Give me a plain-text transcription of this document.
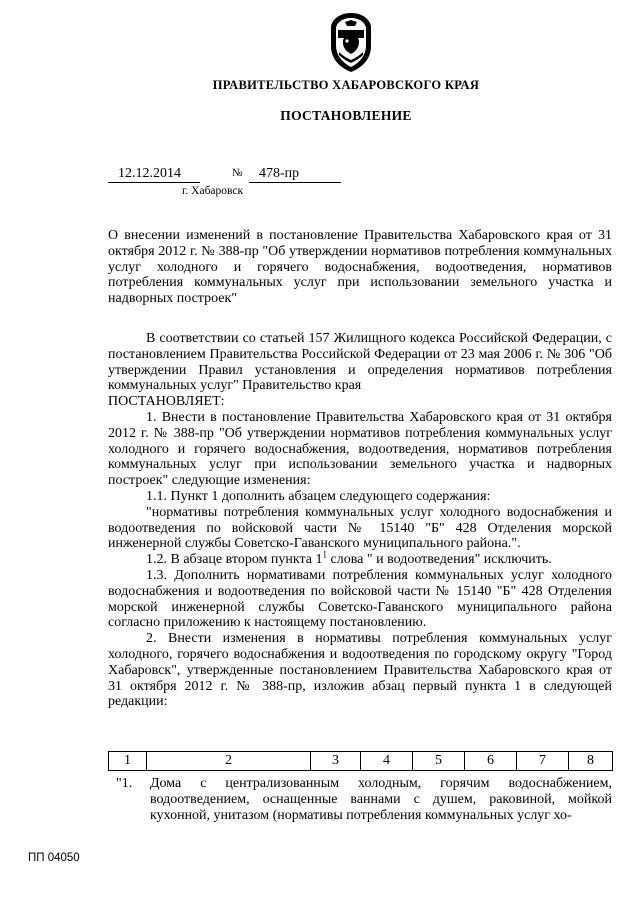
ПРАВИТЕЛЬСТВО ХАБАРОВСКОГО КРАЯ
ПОСТАНОВЛЕНИЕ
12.12.2014	№	478-пр
г. Хабаровск

О внесении изменений в постановление Правительства Хабаровского края от 31 октября 2012 г. № 388-пр "Об утверждении нормативов потребления коммунальных услуг холодного и горячего водоснабжения, водоотведения, нормативов потребления коммунальных услуг при использовании земельного участка и надворных построек"

В соответствии со статьей 157 Жилищного кодекса Российской Федерации, с постановлением Правительства Российской Федерации от 23 мая 2006 г. № 306 "Об утверждении Правил установления и определения нормативов потребления коммунальных услуг" Правительство края

ПОСТАНОВЛЯЕТ:

1. Внести в постановление Правительства Хабаровского края от 31 октября 2012 г. № 388-пр "Об утверждении нормативов потребления коммунальных услуг холодного и горячего водоснабжения, водоотведения, нормативов потребления коммунальных услуг при использовании земельного участка и надворных построек" следующие изменения:

1.1. Пункт 1 дополнить абзацем следующего содержания:

"нормативы потребления коммунальных услуг холодного водоснабжения и водоотведения по войсковой части № 15140 "Б" 428 Отделения морской инженерной службы Советско-Гаванского муниципального района.".

1.2. В абзаце втором пункта $1^1$ слова " и водоотведения" исключить.

1.3. Дополнить нормативами потребления коммунальных услуг холодного водоснабжения и водоотведения по войсковой части № 15140 "Б" 428 Отделения морской инженерной службы Советско-Гаванского муниципального района согласно приложению к настоящему постановлению.

2. Внести изменения в нормативы потребления коммунальных услуг холодного, горячего водоснабжения и водоотведения по городскому округу "Город Хабаровск", утвержденные постановлением Правительства Хабаровского края от 31 октября 2012 г. № 388-пр, изложив абзац первый пункта 1 в следующей редакции:

1	2	3	4	5	6	7	8
"1. Дома с централизованным холодным, горячим водоснабжением, водоотведением, оснащенные ваннами с душем, раковиной, мойкой кухонной, унитазом (нормативы потребления коммунальных услуг хо-
ПП 04050
